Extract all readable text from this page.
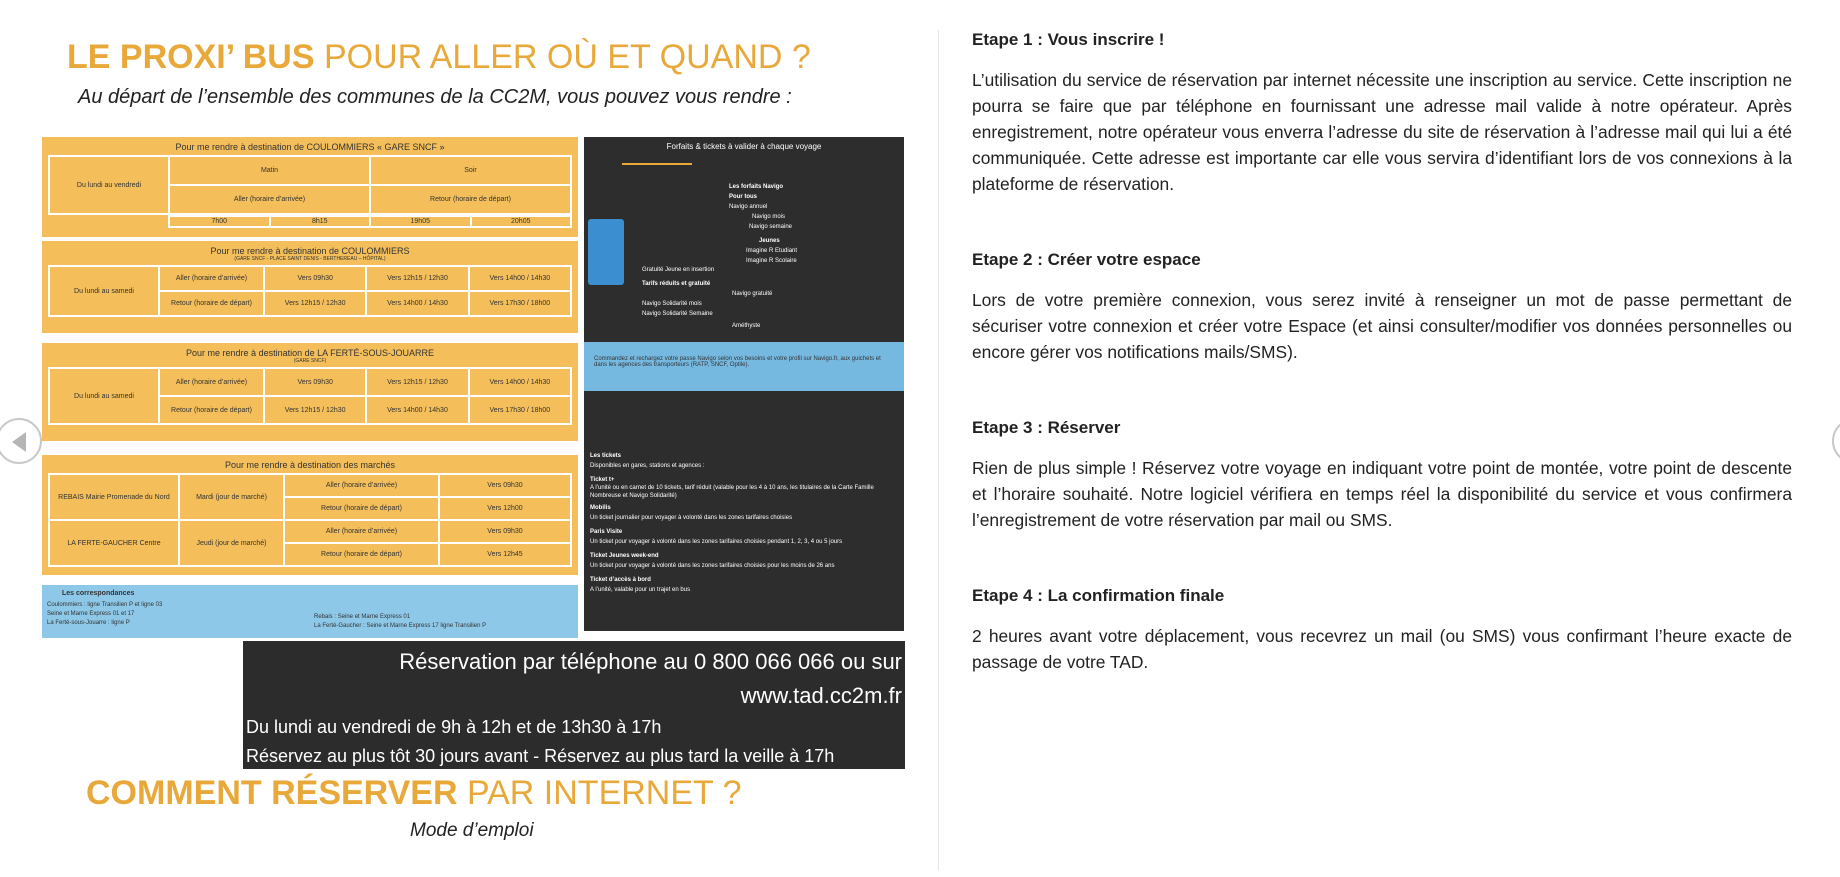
LE PROXI’ BUS POUR ALLER OÙ ET QUAND ?
Au départ de l’ensemble des communes de la CC2M, vous pouvez vous rendre :
Pour me rendre à destination de COULOMMIERS « GARE SNCF »
Du lundi au vendredi
Matin	Soir
Aller (horaire d’arrivée)	Retour (horaire de départ)
7h00	8h15	19h05	20h05
Pour me rendre à destination de COULOMMIERS
(GARE SNCF - PLACE SAINT DENIS - BERTHEREAU – HÔPITAL)
Du lundi au samedi
Aller (horaire d’arrivée)	Vers 09h30	Vers 12h15 / 12h30	Vers 14h00 / 14h30
Retour (horaire de départ)	Vers 12h15 / 12h30	Vers 14h00 / 14h30	Vers 17h30 / 18h00
Pour me rendre à destination de LA FERTÉ-SOUS-JOUARRE
(GARE SNCF)
Du lundi au samedi
Aller (horaire d’arrivée)	Vers 09h30	Vers 12h15 / 12h30	Vers 14h00 / 14h30
Retour (horaire de départ)	Vers 12h15 / 12h30	Vers 14h00 / 14h30	Vers 17h30 / 18h00
Pour me rendre à destination des marchés
REBAIS Mairie Promenade du Nord	Mardi (jour de marché)
Aller (horaire d’arrivée)	Vers 09h30
Retour (horaire de départ)	Vers 12h00
LA FERTE-GAUCHER Centre	Jeudi (jour de marché)
Aller (horaire d’arrivée)	Vers 09h30
Retour (horaire de départ)	Vers 12h45
Les correspondances
Coulommiers : ligne Transilien P et ligne 03
Seine et Marne Express 01 et 17
La Ferté-sous-Jouarre : ligne P
Rebais : Seine et Marne Express 01
La Ferté-Gaucher : Seine et Marne Express 17 ligne Transilien P
Forfaits & tickets à valider à chaque voyage
Les forfaits Navigo
Pour tous
Navigo annuel
Navigo mois
Navigo semaine
Jeunes
Imagine R Etudiant
Imagine R Scolaire
Gratuité Jeune en insertion
Tarifs réduits et gratuité
Navigo gratuité
Navigo Solidarité mois
Navigo Solidarité Semaine
Améthyste
Commandez et rechargez votre passe Navigo selon vos besoins et votre profil sur Navigo.fr, aux guichets et dans les agences des transporteurs (RATP, SNCF, Optile).
Les tickets
Disponibles en gares, stations et agences :
Ticket t+
A l’unité ou en carnet de 10 tickets, tarif réduit (valable pour les 4 à 10 ans, les titulaires de la Carte Famille Nombreuse et Navigo Solidarité)
Mobilis
Un ticket journalier pour voyager à volonté dans les zones tarifaires choisies
Paris Visite
Un ticket pour voyager à volonté dans les zones tarifaires choisies pendant 1, 2, 3, 4 ou 5 jours
Ticket Jeunes week-end
Un ticket pour voyager à volonté dans les zones tarifaires choisies pour les moins de 26 ans
Ticket d’accès à bord
A l’unité, valable pour un trajet en bus
Réservation par téléphone au 0 800 066 066 ou sur
www.tad.cc2m.fr
Du lundi au vendredi de 9h à 12h et de 13h30 à 17h
Réservez au plus tôt 30 jours avant - Réservez au plus tard la veille à 17h
COMMENT RÉSERVER PAR INTERNET ?
Mode d’emploi
Etape 1 : Vous inscrire !

L’utilisation du service de réservation par internet nécessite une inscription au service. Cette inscription ne pourra se faire que par téléphone en fournissant une adresse mail valide à notre opérateur. Après enregistrement, notre opérateur vous enverra l’adresse du site de réservation à l’adresse mail qui lui a été communiquée. Cette adresse est importante car elle vous servira d’identifiant lors de vos connexions à la plateforme de réservation.

Etape 2 : Créer votre espace

Lors de votre première connexion, vous serez invité à renseigner un mot de passe permettant de sécuriser votre connexion et créer votre Espace (et ainsi consulter/modifier vos données personnelles ou encore gérer vos notifications mails/SMS).

Etape 3 : Réserver

Rien de plus simple ! Réservez votre voyage en indiquant votre point de montée, votre point de descente et l’horaire souhaité. Notre logiciel vérifiera en temps réel la disponibilité du service et vous confirmera l’enregistrement de votre réservation par mail ou SMS.

Etape 4 : La confirmation finale

2 heures avant votre déplacement, vous recevrez un mail (ou SMS) vous confirmant l’heure exacte de passage de votre TAD.
